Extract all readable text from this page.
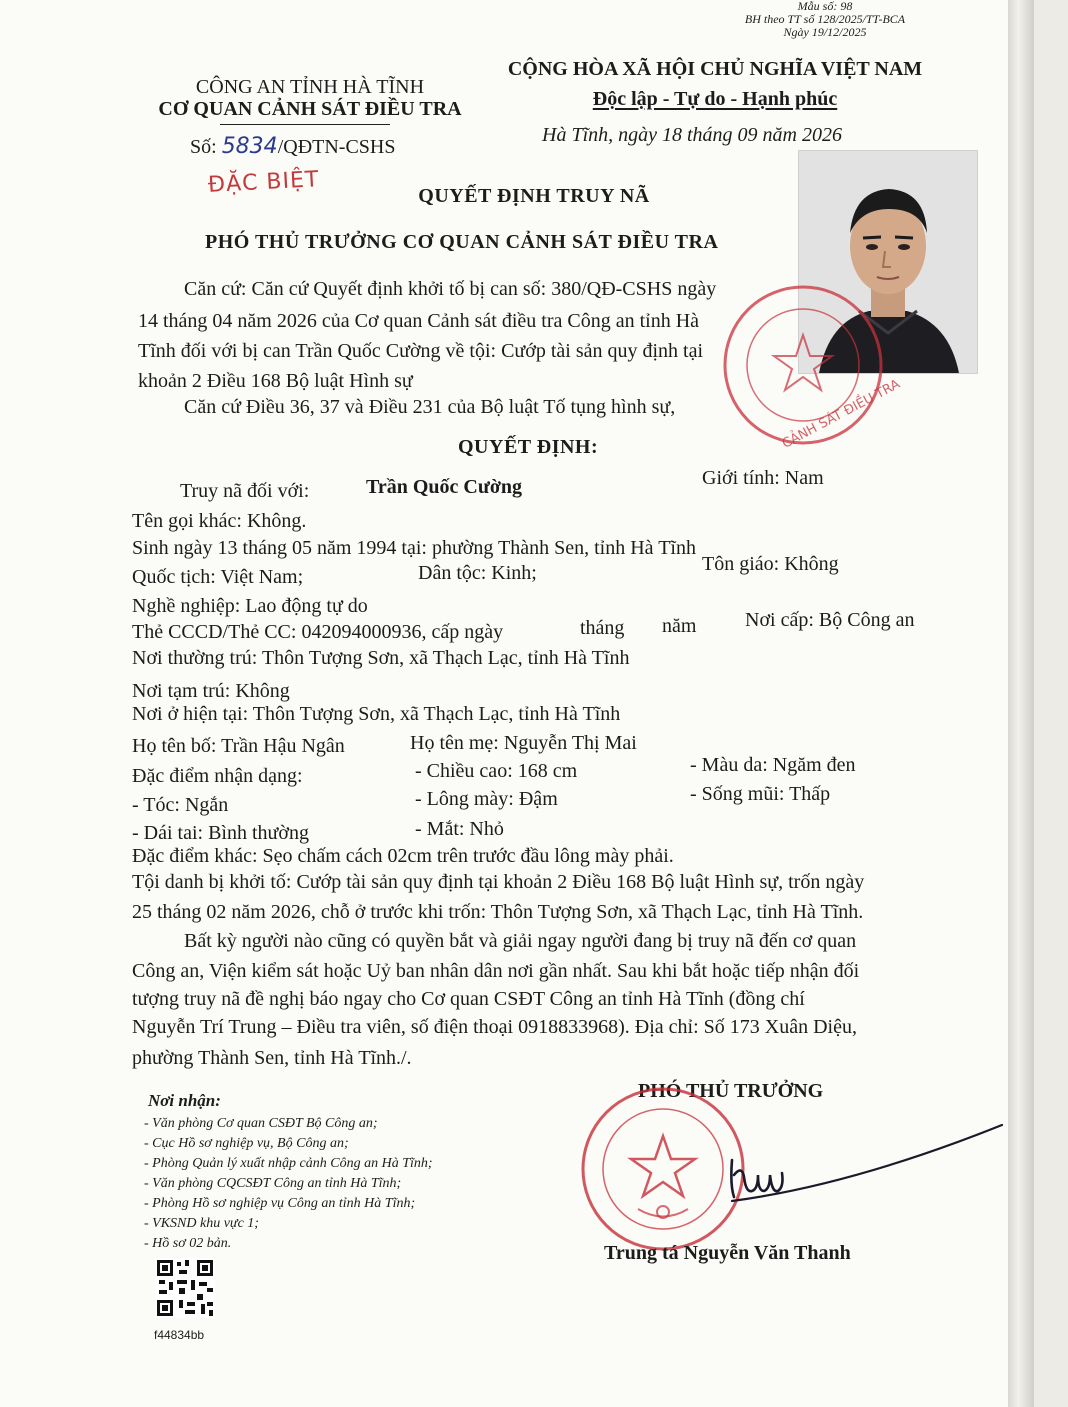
Mẫu số: 98
BH theo TT số 128/2025/TT-BCA
Ngày 19/12/2025
CÔNG AN TỈNH HÀ TĨNH
CƠ QUAN CẢNH SÁT ĐIỀU TRA
Số: 5834/QĐTN-CSHS
ĐẶC BIỆT
CỘNG HÒA XÃ HỘI CHỦ NGHĨA VIỆT NAM
Độc lập - Tự do - Hạnh phúc
Hà Tĩnh, ngày 18 tháng 09 năm 2026
CẢNH SÁT ĐIỀU TRA
QUYẾT ĐỊNH TRUY NÃ
PHÓ THỦ TRƯỞNG CƠ QUAN CẢNH SÁT ĐIỀU TRA
Căn cứ: Căn cứ Quyết định khởi tố bị can số: 380/QĐ-CSHS ngày
14 tháng 04 năm 2026 của Cơ quan Cảnh sát điều tra Công an tỉnh Hà
Tĩnh đối với bị can Trần Quốc Cường về tội: Cướp tài sản quy định tại
khoản 2 Điều 168 Bộ luật Hình sự
Căn cứ Điều 36, 37 và Điều 231 của Bộ luật Tố tụng hình sự,
QUYẾT ĐỊNH:
Truy nã đối với:	Trần Quốc Cường	Giới tính: Nam
Tên gọi khác: Không.
Sinh ngày 13 tháng 05 năm 1994 tại: phường Thành Sen, tỉnh Hà Tĩnh
Quốc tịch: Việt Nam;	Dân tộc: Kinh;	Tôn giáo: Không
Nghề nghiệp: Lao động tự do
Thẻ CCCD/Thẻ CC: 042094000936, cấp ngày	tháng năm Nơi cấp: Bộ Công an
Nơi thường trú: Thôn Tượng Sơn, xã Thạch Lạc, tỉnh Hà Tĩnh
Nơi tạm trú: Không
Nơi ở hiện tại: Thôn Tượng Sơn, xã Thạch Lạc, tỉnh Hà Tĩnh
Họ tên bố: Trần Hậu Ngân	Họ tên mẹ: Nguyễn Thị Mai
Đặc điểm nhận dạng:	- Chiều cao: 168 cm	- Màu da: Ngăm đen
- Tóc: Ngắn	- Lông mày: Đậm	- Sống mũi: Thấp
- Dái tai: Bình thường	- Mắt: Nhỏ
Đặc điểm khác: Sẹo chấm cách 02cm trên trước đầu lông mày phải.
Tội danh bị khởi tố: Cướp tài sản quy định tại khoản 2 Điều 168 Bộ luật Hình sự, trốn ngày
25 tháng 02 năm 2026, chỗ ở trước khi trốn: Thôn Tượng Sơn, xã Thạch Lạc, tỉnh Hà Tĩnh.
Bất kỳ người nào cũng có quyền bắt và giải ngay người đang bị truy nã đến cơ quan
Công an, Viện kiểm sát hoặc Uỷ ban nhân dân nơi gần nhất. Sau khi bắt hoặc tiếp nhận đối
tượng truy nã đề nghị báo ngay cho Cơ quan CSĐT Công an tỉnh Hà Tĩnh (đồng chí
Nguyễn Trí Trung – Điều tra viên, số điện thoại 0918833968). Địa chỉ: Số 173 Xuân Diệu,
phường Thành Sen, tỉnh Hà Tĩnh./.
Nơi nhận:
- Văn phòng Cơ quan CSĐT Bộ Công an;
- Cục Hồ sơ nghiệp vụ, Bộ Công an;
- Phòng Quản lý xuất nhập cảnh Công an Hà Tĩnh;
- Văn phòng CQCSĐT Công an tỉnh Hà Tĩnh;
- Phòng Hồ sơ nghiệp vụ Công an tỉnh Hà Tĩnh;
- VKSND khu vực 1;
- Hồ sơ 02 bản.
f44834bb
PHÓ THỦ TRƯỞNG
Trung tá Nguyễn Văn Thanh
